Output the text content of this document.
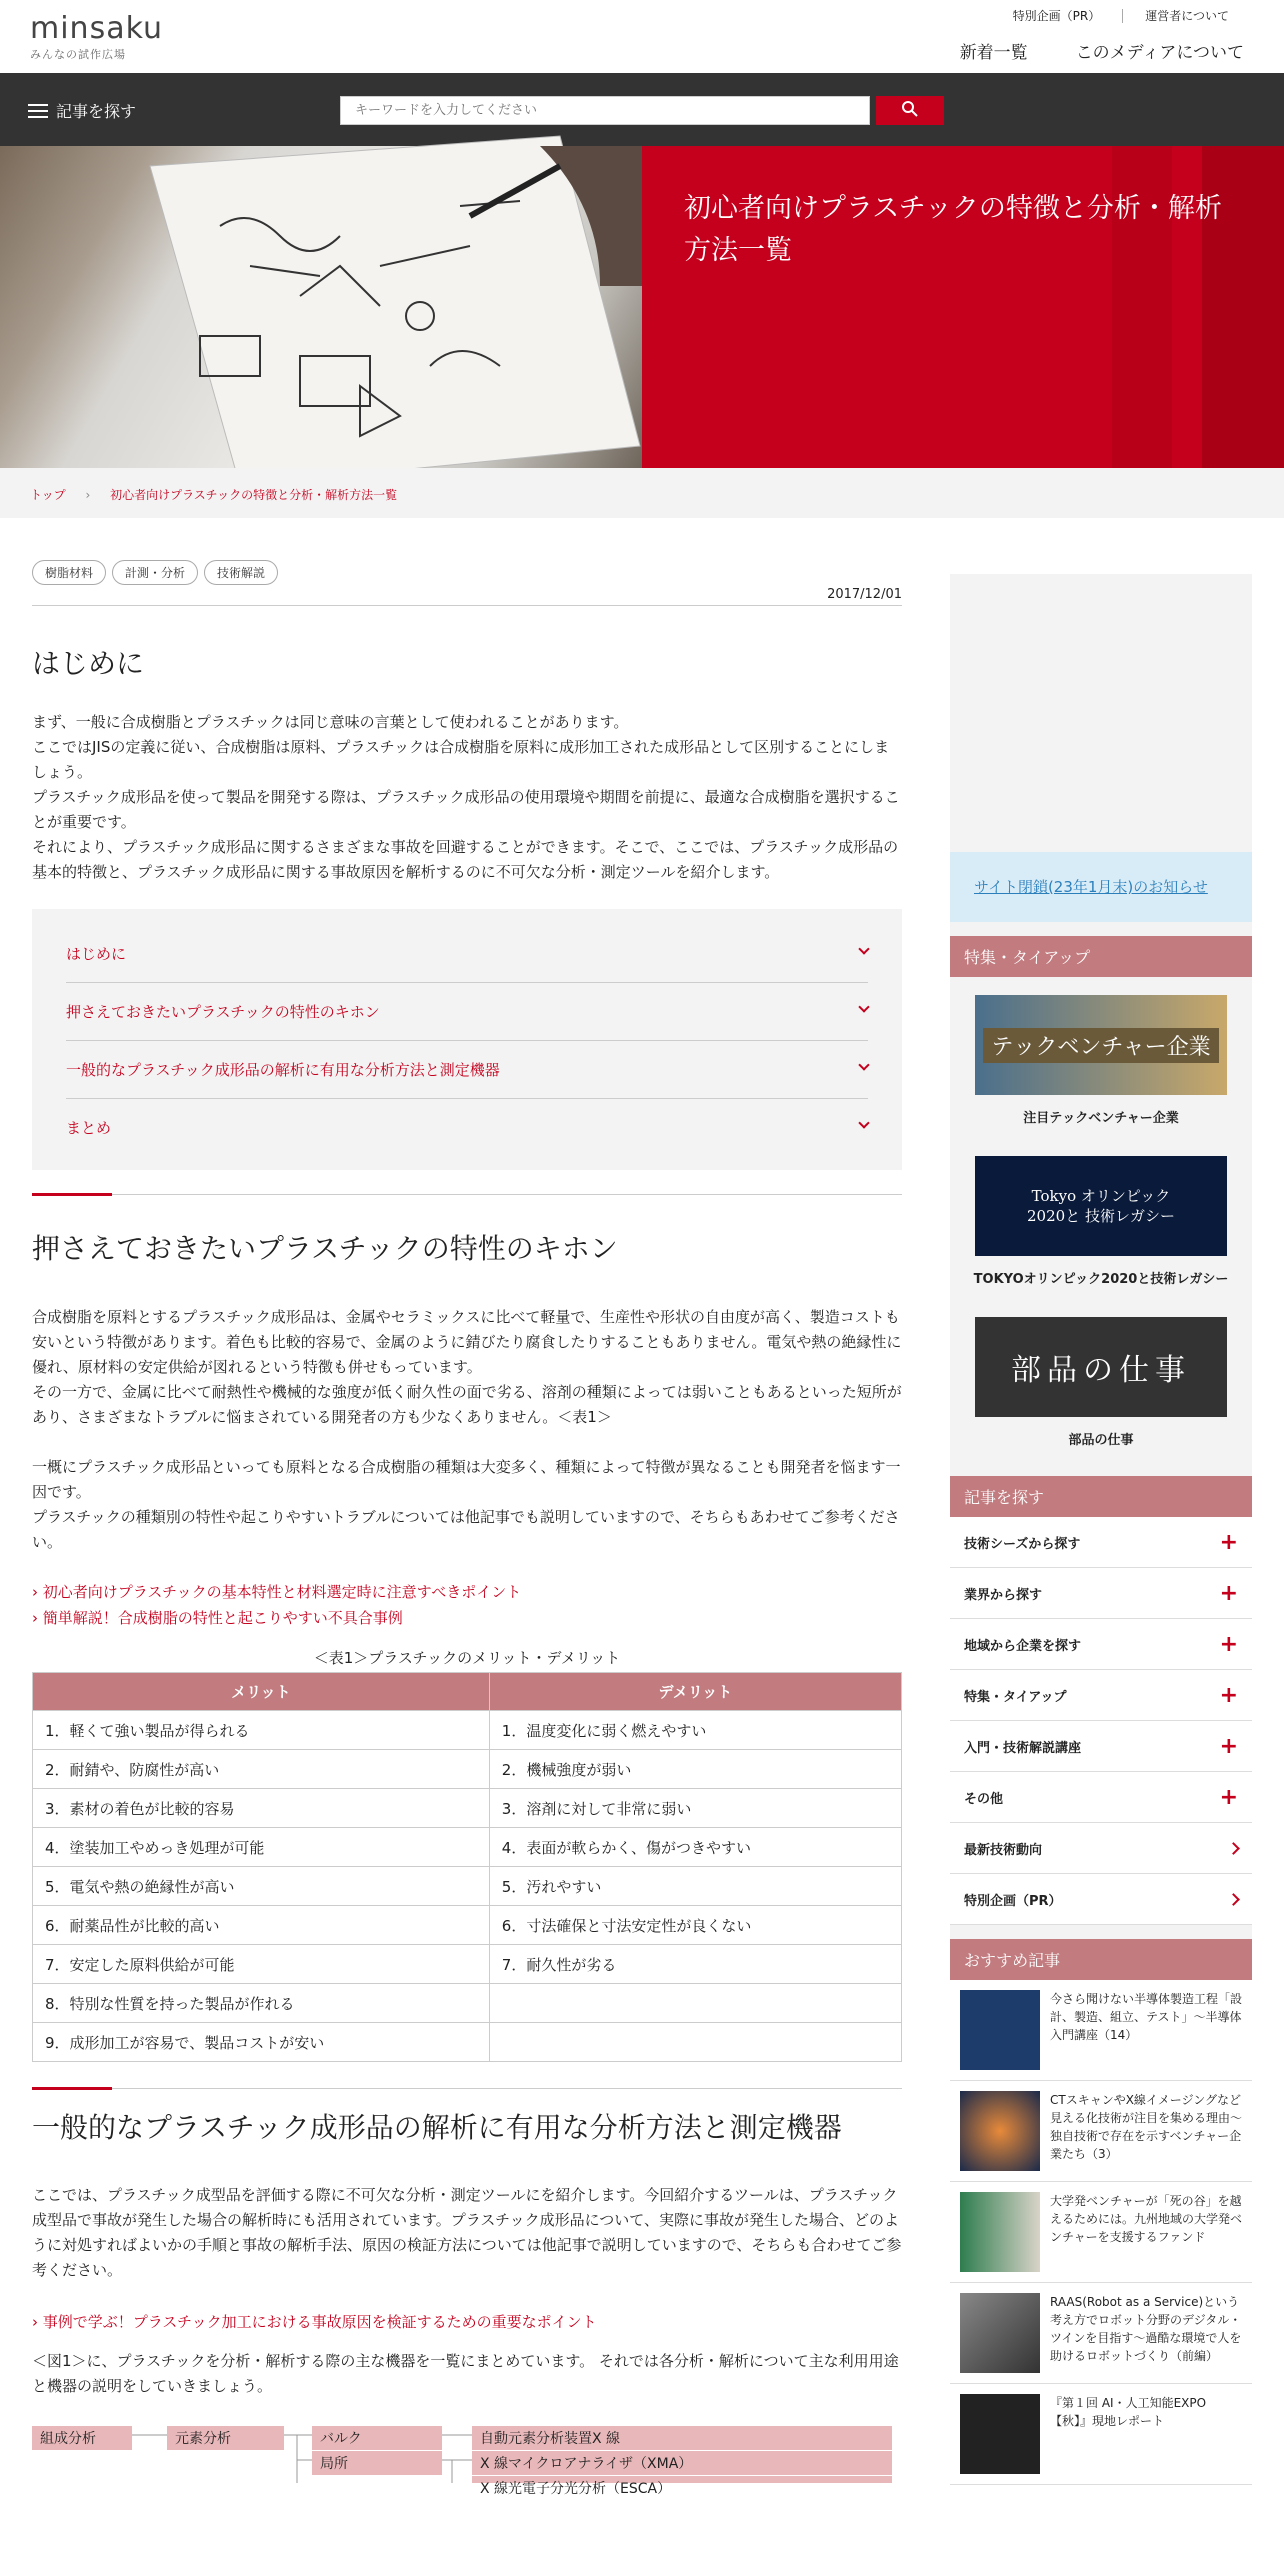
minsaku
みんなの試作広場
特別企画（PR）	運営者について
新着一覧	このメディアについて
記事を探す
キーワードを入力してください
初心者向けプラスチックの特徴と分析・解析方法一覧
トップ › 初心者向けプラスチックの特徴と分析・解析方法一覧
樹脂材料	計測・分析	技術解説
2017/12/01
はじめに
まず、一般に合成樹脂とプラスチックは同じ意味の言葉として使われることがあります。
ここではJISの定義に従い、合成樹脂は原料、プラスチックは合成樹脂を原料に成形加工された成形品として区別することにしましょう。
プラスチック成形品を使って製品を開発する際は、プラスチック成形品の使用環境や期間を前提に、最適な合成樹脂を選択することが重要です。
それにより、プラスチック成形品に関するさまざまな事故を回避することができます。そこで、ここでは、プラスチック成形品の基本的特徴と、プラスチック成形品に関する事故原因を解析するのに不可欠な分析・測定ツールを紹介します。
はじめに
押さえておきたいプラスチックの特性のキホン
一般的なプラスチック成形品の解析に有用な分析方法と測定機器
まとめ
押さえておきたいプラスチックの特性のキホン
合成樹脂を原料とするプラスチック成形品は、金属やセラミックスに比べて軽量で、生産性や形状の自由度が高く、製造コストも安いという特徴があります。着色も比較的容易で、金属のように錆びたり腐食したりすることもありません。電気や熱の絶縁性に優れ、原材料の安定供給が図れるという特徴も併せもっています。
その一方で、金属に比べて耐熱性や機械的な強度が低く耐久性の面で劣る、溶剤の種類によっては弱いこともあるといった短所があり、さまざまなトラブルに悩まされている開発者の方も少なくありません。＜表1＞
一概にプラスチック成形品といっても原料となる合成樹脂の種類は大変多く、種類によって特徴が異なることも開発者を悩ます一因です。
プラスチックの種類別の特性や起こりやすいトラブルについては他記事でも説明していますので、そちらもあわせてご参考ください。
› 初心者向けプラスチックの基本特性と材料選定時に注意すべきポイント
› 簡単解説！合成樹脂の特性と起こりやすい不具合事例
＜表1＞プラスチックのメリット・デメリット
メリット	デメリット
1．軽くて強い製品が得られる	1．温度変化に弱く燃えやすい
2．耐錆や、防腐性が高い	2．機械強度が弱い
3．素材の着色が比較的容易	3．溶剤に対して非常に弱い
4．塗装加工やめっき処理が可能	4．表面が軟らかく、傷がつきやすい
5．電気や熱の絶縁性が高い	5．汚れやすい
6．耐薬品性が比較的高い	6．寸法確保と寸法安定性が良くない
7．安定した原料供給が可能	7．耐久性が劣る
8．特別な性質を持った製品が作れる	
9．成形加工が容易で、製品コストが安い	
一般的なプラスチック成形品の解析に有用な分析方法と測定機器
ここでは、プラスチック成型品を評価する際に不可欠な分析・測定ツールにを紹介します。今回紹介するツールは、プラスチック成型品で事故が発生した場合の解析時にも活用されています。プラスチック成形品について、実際に事故が発生した場合、どのように対処すればよいかの手順と事故の解析手法、原因の検証方法については他記事で説明していますので、そちらも合わせてご参考ください。
› 事例で学ぶ！プラスチック加工における事故原因を検証するための重要なポイント
＜図1＞に、プラスチックを分析・解析する際の主な機器を一覧にまとめています。 それでは各分析・解析について主な利用用途と機器の説明をしていきましょう。
組成分析	元素分析	バルク
局所
自動元素分析装置X 線
X 線マイクロアナライザ（XMA）
X 線光電子分光分析（ESCA）
サイト閉鎖(23年1月末)のお知らせ
特集・タイアップ
テックベンチャー企業
注目テックベンチャー企業
Tokyo オリンピック 2020と 技術レガシー
TOKYOオリンピック2020と技術レガシー
部品の仕事
部品の仕事
記事を探す
技術シーズから探す	+
業界から探す	+
地域から企業を探す	+
特集・タイアップ	+
入門・技術解説講座	+
その他	+
最新技術動向
特別企画（PR）
おすすめ記事
今さら聞けない半導体製造工程「設計、製造、組立、テスト」〜半導体入門講座（14）
CTスキャンやX線イメージングなど見える化技術が注目を集める理由〜独自技術で存在を示すベンチャー企業たち（3）
大学発ベンチャーが「死の谷」を越えるためには。九州地域の大学発ベンチャーを支援するファンド
RAAS(Robot as a Service)という考え方でロボット分野のデジタル・ツインを目指す〜過酷な環境で人を助けるロボットづくり（前編）
『第１回 AI・人工知能EXPO【秋】』現地レポート
